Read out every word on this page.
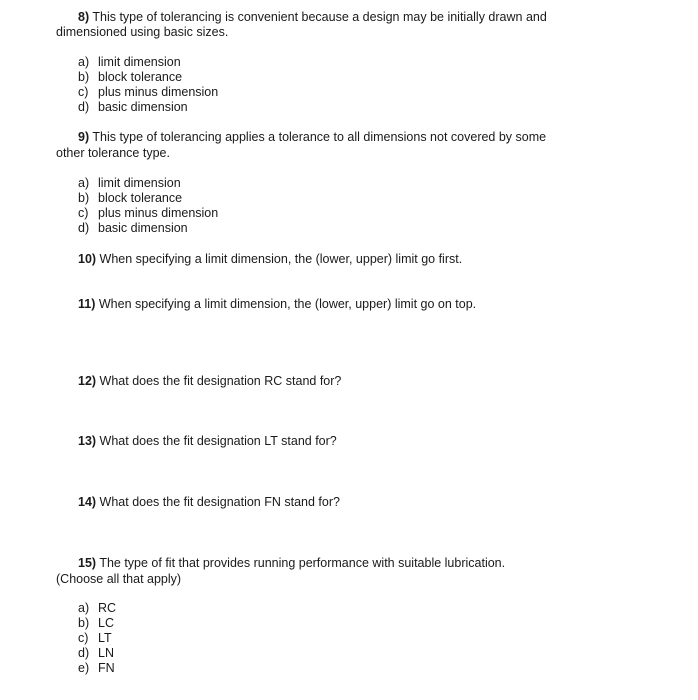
8) This type of tolerancing is convenient because a design may be initially drawn and
dimensioned using basic sizes.
a) limit dimension
b) block tolerance
c) plus minus dimension
d) basic dimension
9) This type of tolerancing applies a tolerance to all dimensions not covered by some
other tolerance type.
a) limit dimension
b) block tolerance
c) plus minus dimension
d) basic dimension
10) When specifying a limit dimension, the (lower, upper) limit go first.
11) When specifying a limit dimension, the (lower, upper) limit go on top.
12) What does the fit designation RC stand for?
13) What does the fit designation LT stand for?
14) What does the fit designation FN stand for?
15) The type of fit that provides running performance with suitable lubrication.
(Choose all that apply)
a) RC
b) LC
c) LT
d) LN
e) FN
